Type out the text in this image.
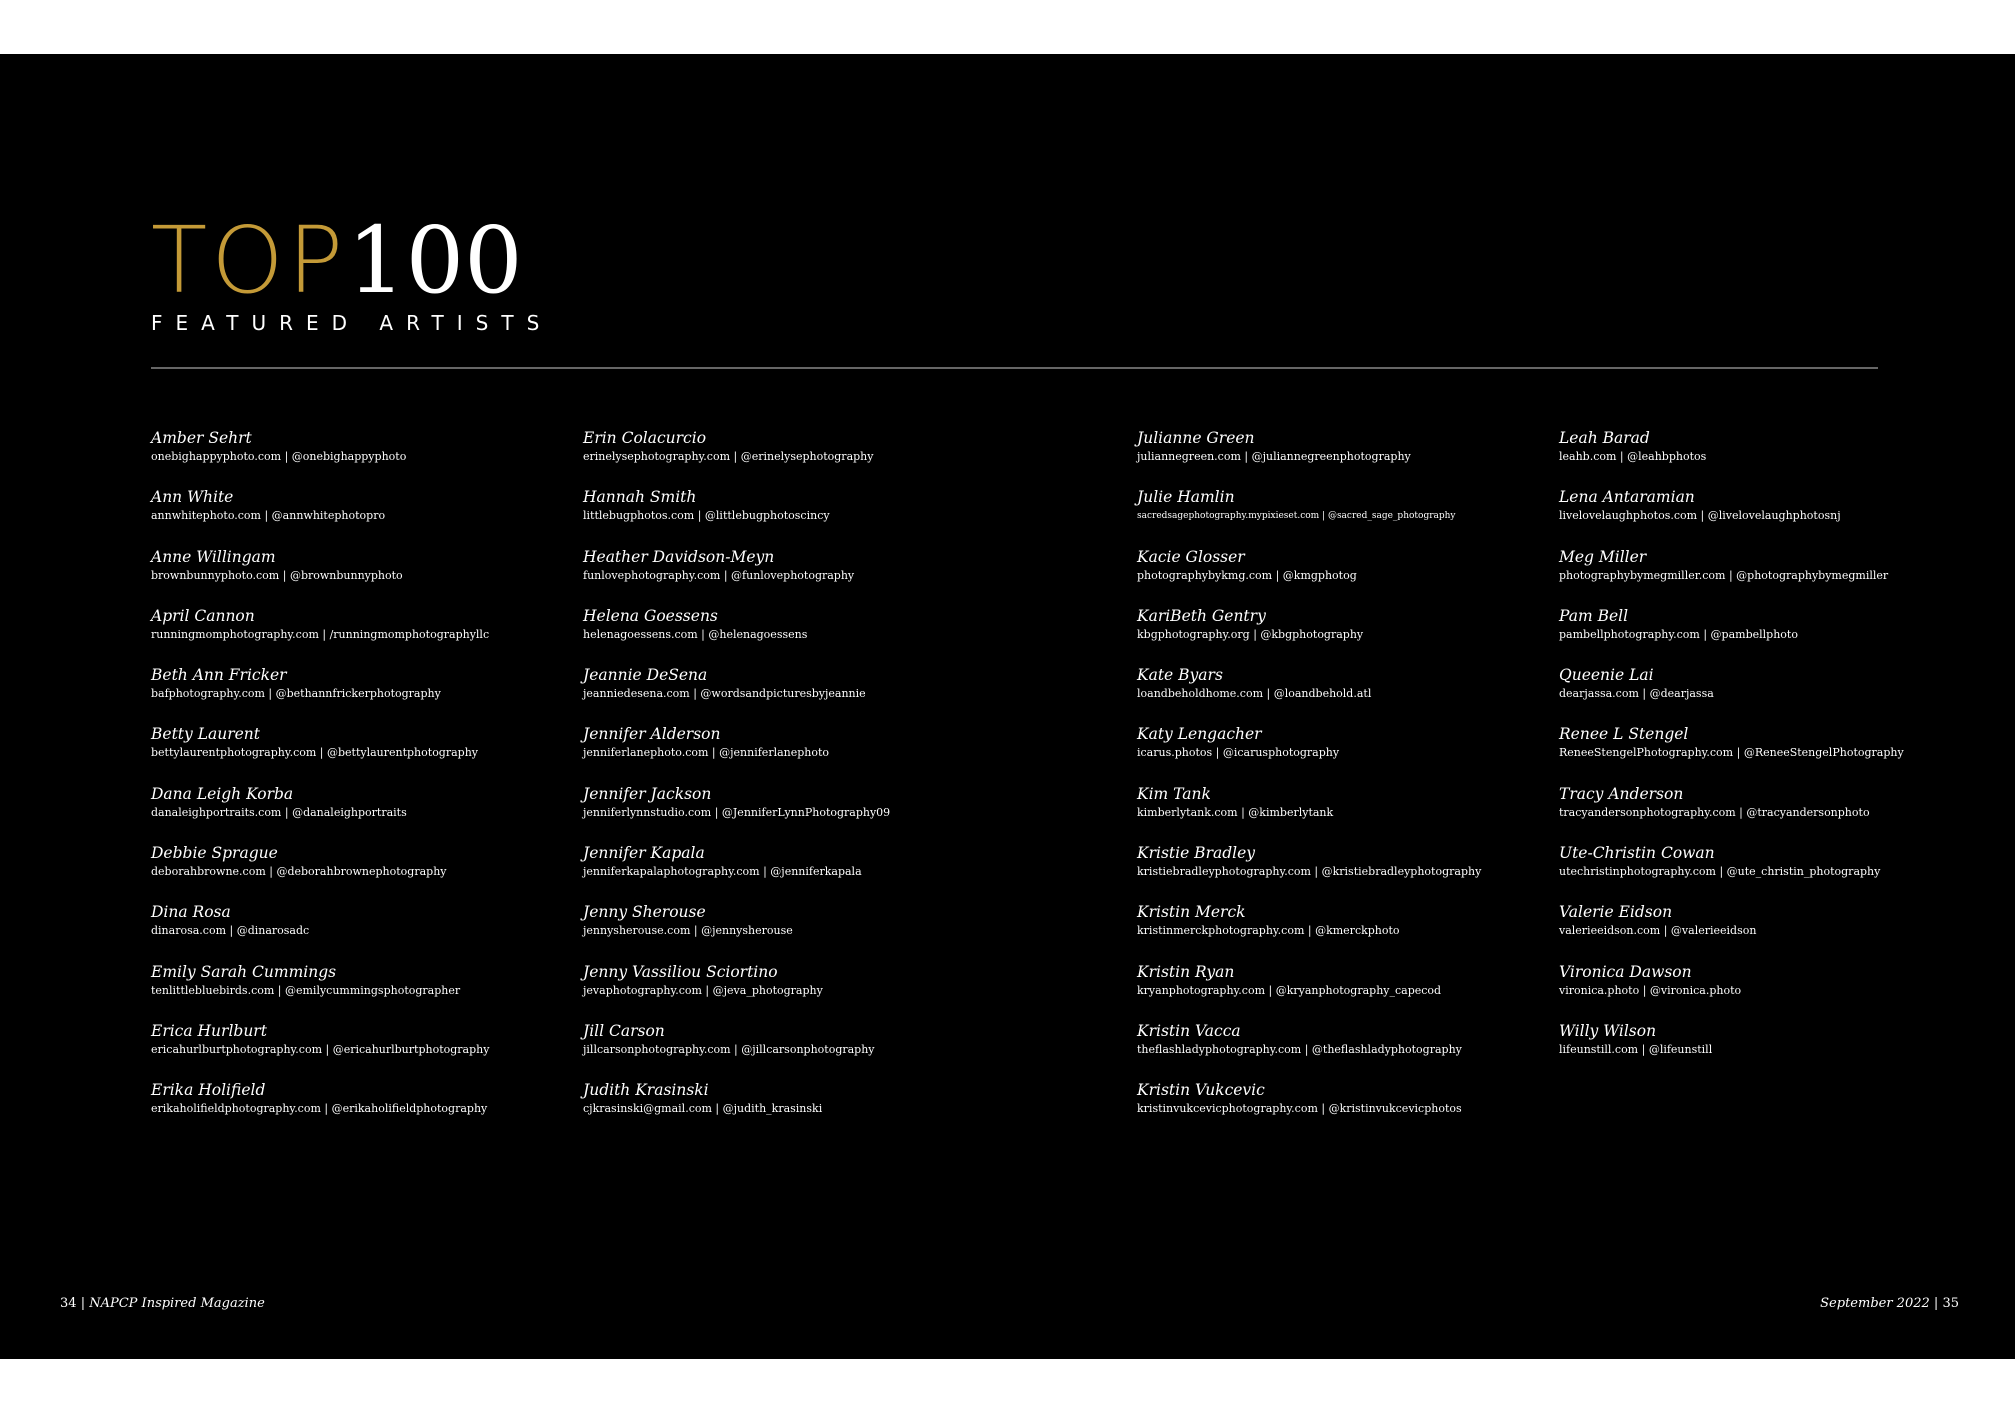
TOP100
FEATURED ARTISTS
Amber Sehrt
onebighappyphoto.com | @onebighappyphoto
Ann White
annwhitephoto.com | @annwhitephotopro
Anne Willingam
brownbunnyphoto.com | @brownbunnyphoto
April Cannon
runningmomphotography.com | /runningmomphotographyllc
Beth Ann Fricker
bafphotography.com | @bethannfrickerphotography
Betty Laurent
bettylaurentphotography.com | @bettylaurentphotography
Dana Leigh Korba
danaleighportraits.com | @danaleighportraits
Debbie Sprague
deborahbrowne.com | @deborahbrownephotography
Dina Rosa
dinarosa.com | @dinarosadc
Emily Sarah Cummings
tenlittlebluebirds.com | @emilycummingsphotographer
Erica Hurlburt
ericahurlburtphotography.com | @ericahurlburtphotography
Erika Holifield
erikaholifieldphotography.com | @erikaholifieldphotography
Erin Colacurcio
erinelysephotography.com | @erinelysephotography
Hannah Smith
littlebugphotos.com | @littlebugphotoscincy
Heather Davidson-Meyn
funlovephotography.com | @funlovephotography
Helena Goessens
helenagoessens.com | @helenagoessens
Jeannie DeSena
jeanniedesena.com | @wordsandpicturesbyjeannie
Jennifer Alderson
jenniferlanephoto.com | @jenniferlanephoto
Jennifer Jackson
jenniferlynnstudio.com | @JenniferLynnPhotography09
Jennifer Kapala
jenniferkapalaphotography.com | @jenniferkapala
Jenny Sherouse
jennysherouse.com | @jennysherouse
Jenny Vassiliou Sciortino
jevaphotography.com | @jeva_photography
Jill Carson
jillcarsonphotography.com | @jillcarsonphotography
Judith Krasinski
cjkrasinski@gmail.com | @judith_krasinski
Julianne Green
juliannegreen.com | @juliannegreenphotography
Julie Hamlin
sacredsagephotography.mypixieset.com | @sacred_sage_photography
Kacie Glosser
photographybykmg.com | @kmgphotog
KariBeth Gentry
kbgphotography.org | @kbgphotography
Kate Byars
loandbeholdhome.com | @loandbehold.atl
Katy Lengacher
icarus.photos | @icarusphotography
Kim Tank
kimberlytank.com | @kimberlytank
Kristie Bradley
kristiebradleyphotography.com | @kristiebradleyphotography
Kristin Merck
kristinmerckphotography.com | @kmerckphoto
Kristin Ryan
kryanphotography.com | @kryanphotography_capecod
Kristin Vacca
theflashladyphotography.com | @theflashladyphotography
Kristin Vukcevic
kristinvukcevicphotography.com | @kristinvukcevicphotos
Leah Barad
leahb.com | @leahbphotos
Lena Antaramian
livelovelaughphotos.com | @livelovelaughphotosnj
Meg Miller
photographybymegmiller.com | @photographybymegmiller
Pam Bell
pambellphotography.com | @pambellphoto
Queenie Lai
dearjassa.com | @dearjassa
Renee L Stengel
ReneeStengelPhotography.com | @ReneeStengelPhotography
Tracy Anderson
tracyandersonphotography.com | @tracyandersonphoto
Ute-Christin Cowan
utechristinphotography.com | @ute_christin_photography
Valerie Eidson
valerieeidson.com | @valerieeidson
Vironica Dawson
vironica.photo | @vironica.photo
Willy Wilson
lifeunstill.com | @lifeunstill
34 | NAPCP Inspired Magazine	September 2022 | 35
